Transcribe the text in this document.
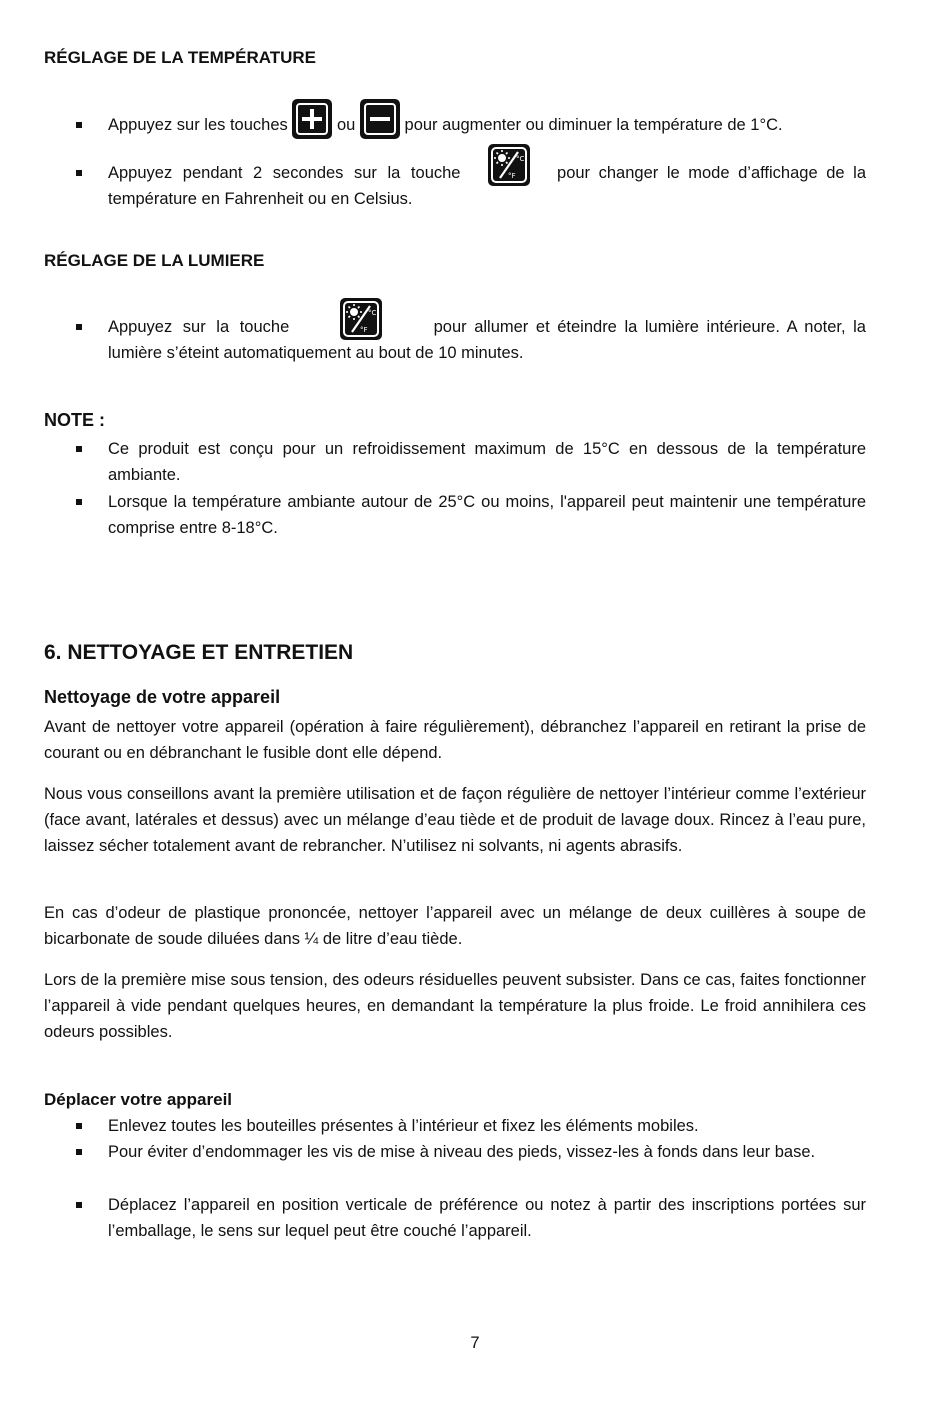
RÉGLAGE DE LA TEMPÉRATURE
Appuyez sur les touches	ou	pour augmenter ou diminuer la température de 1°C.
Appuyez pendant 2 secondes sur la touche
°C
°F	pour changer le mode d’affichage de la
température en Fahrenheit ou en Celsius.
RÉGLAGE DE LA LUMIERE
Appuyez sur la touche
°C
°F	pour allumer et éteindre la lumière intérieure. A noter, la
lumière s’éteint automatiquement au bout de 10 minutes.
NOTE :
Ce produit est conçu pour un refroidissement maximum de 15°C en dessous de la température ambiante.
Lorsque la température ambiante autour de 25°C ou moins, l'appareil peut maintenir une température comprise entre 8-18°C.
6. NETTOYAGE ET ENTRETIEN
Nettoyage de votre appareil
Avant de nettoyer votre appareil (opération à faire régulièrement), débranchez l’appareil en retirant la prise de courant ou en débranchant le fusible dont elle dépend.
Nous vous conseillons avant la première utilisation et de façon régulière de nettoyer l’intérieur comme l’extérieur (face avant, latérales et dessus) avec un mélange d’eau tiède et de produit de lavage doux. Rincez à l’eau pure, laissez sécher totalement avant de rebrancher. N’utilisez ni solvants, ni agents abrasifs.
En cas d’odeur de plastique prononcée, nettoyer l’appareil avec un mélange de deux cuillères à soupe de bicarbonate de soude diluées dans ¼ de litre d’eau tiède.
Lors de la première mise sous tension, des odeurs résiduelles peuvent subsister. Dans ce cas, faites fonctionner l’appareil à vide pendant quelques heures, en demandant la température la plus froide. Le froid annihilera ces odeurs possibles.
Déplacer votre appareil
Enlevez toutes les bouteilles présentes à l’intérieur et fixez les éléments mobiles.
Pour éviter d’endommager les vis de mise à niveau des pieds, vissez-les à fonds dans leur base.
Déplacez l’appareil en position verticale de préférence ou notez à partir des inscriptions portées sur l’emballage, le sens sur lequel peut être couché l’appareil.
7
